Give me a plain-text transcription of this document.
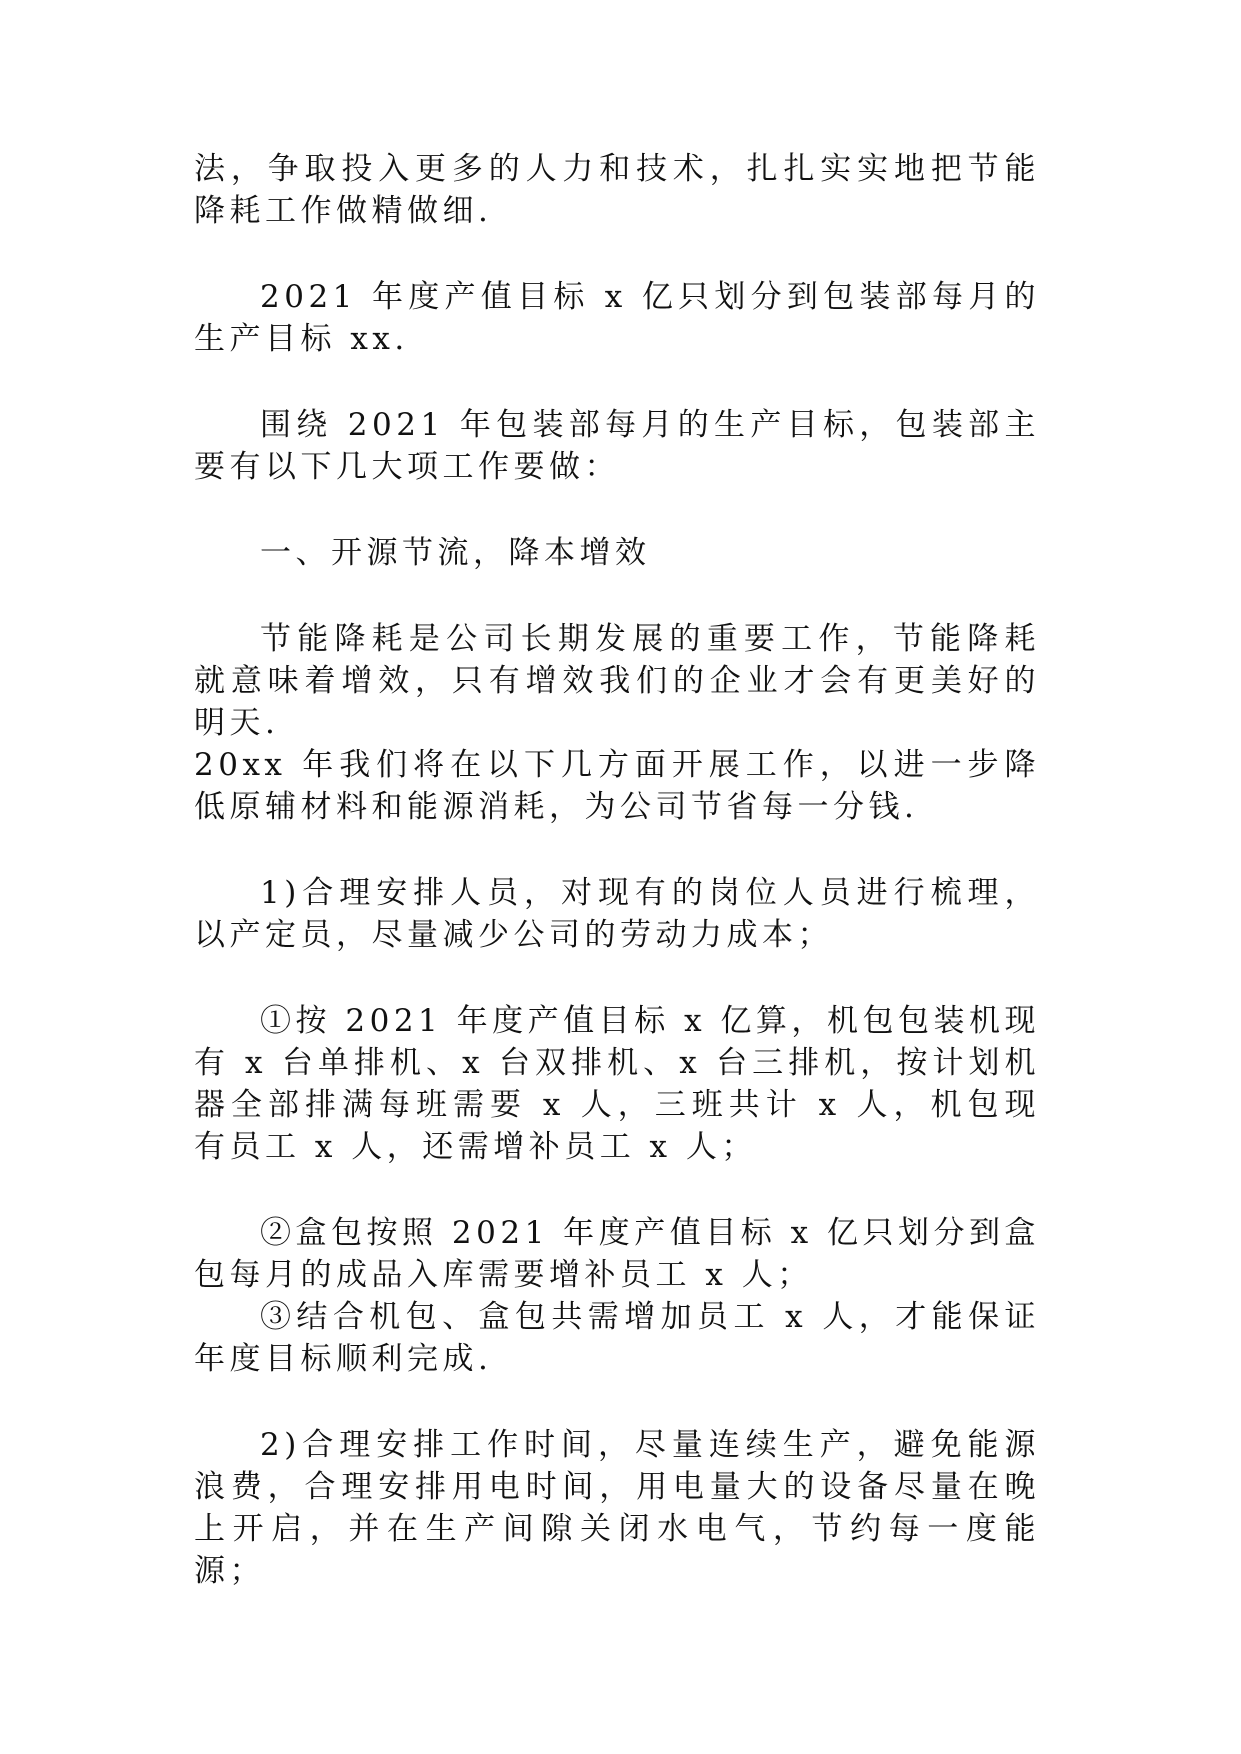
法，争取投入更多的人力和技术，扎扎实实地把节能降耗工作做精做细.

2021 年度产值目标 x 亿只划分到包装部每月的生产目标 xx.

围绕 2021 年包装部每月的生产目标，包装部主要有以下几大项工作要做：

一、开源节流，降本增效

节能降耗是公司长期发展的重要工作，节能降耗就意味着增效，只有增效我们的企业才会有更美好的明天.

20xx 年我们将在以下几方面开展工作，以进一步降低原辅材料和能源消耗，为公司节省每一分钱.

1)合理安排人员，对现有的岗位人员进行梳理，以产定员，尽量减少公司的劳动力成本；

①按 2021 年度产值目标 x 亿算，机包包装机现有 x 台单排机、x 台双排机、x 台三排机，按计划机器全部排满每班需要 x 人，三班共计 x 人，机包现有员工 x 人，还需增补员工 x 人；

②盒包按照 2021 年度产值目标 x 亿只划分到盒包每月的成品入库需要增补员工 x 人；

③结合机包、盒包共需增加员工 x 人，才能保证年度目标顺利完成.

2)合理安排工作时间，尽量连续生产，避免能源浪费，合理安排用电时间，用电量大的设备尽量在晚上开启，并在生产间隙关闭水电气，节约每一度能源；
